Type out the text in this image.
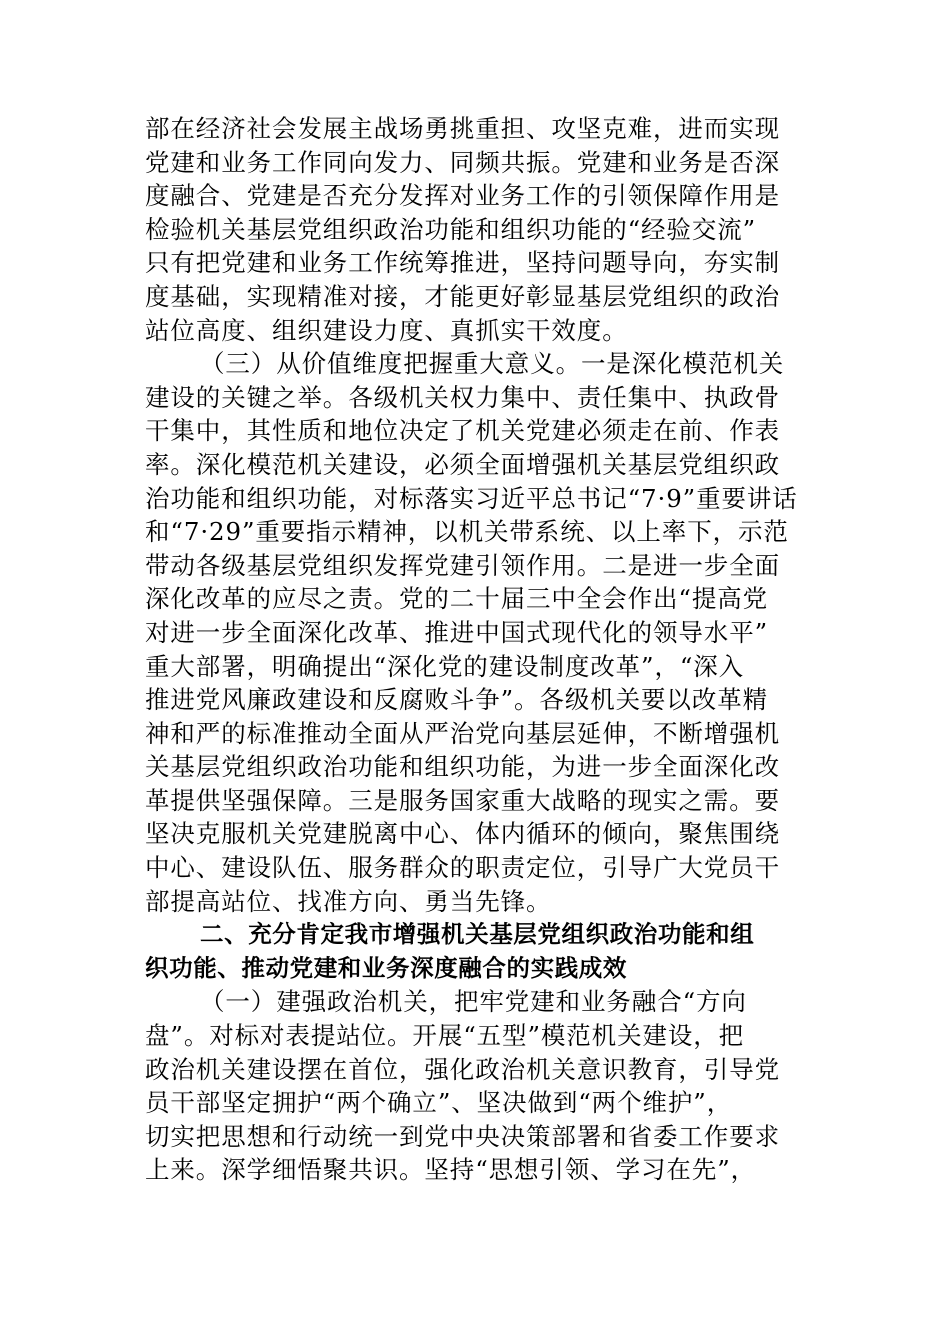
部在经济社会发展主战场勇挑重担、攻坚克难，进而实现
党建和业务工作同向发力、同频共振。党建和业务是否深
度融合、党建是否充分发挥对业务工作的引领保障作用是
检验机关基层党组织政治功能和组织功能的“经验交流”
只有把党建和业务工作统筹推进，坚持问题导向，夯实制
度基础，实现精准对接，才能更好彰显基层党组织的政治
站位高度、组织建设力度、真抓实干效度。
（三）从价值维度把握重大意义。一是深化模范机关
建设的关键之举。各级机关权力集中、责任集中、执政骨
干集中，其性质和地位决定了机关党建必须走在前、作表
率。深化模范机关建设，必须全面增强机关基层党组织政
治功能和组织功能，对标落实习近平总书记“7·9”重要讲话
和“7·29”重要指示精神，以机关带系统、以上率下，示范
带动各级基层党组织发挥党建引领作用。二是进一步全面
深化改革的应尽之责。党的二十届三中全会作出“提高党
对进一步全面深化改革、推进中国式现代化的领导水平”
重大部署，明确提出“深化党的建设制度改革”，“深入
推进党风廉政建设和反腐败斗争”。各级机关要以改革精
神和严的标准推动全面从严治党向基层延伸，不断增强机
关基层党组织政治功能和组织功能，为进一步全面深化改
革提供坚强保障。三是服务国家重大战略的现实之需。要
坚决克服机关党建脱离中心、体内循环的倾向，聚焦围绕
中心、建设队伍、服务群众的职责定位，引导广大党员干
部提高站位、找准方向、勇当先锋。
二、充分肯定我市增强机关基层党组织政治功能和组
织功能、推动党建和业务深度融合的实践成效
（一）建强政治机关，把牢党建和业务融合“方向
盘”。对标对表提站位。开展“五型”模范机关建设，把
政治机关建设摆在首位，强化政治机关意识教育，引导党
员干部坚定拥护“两个确立”、坚决做到“两个维护”，
切实把思想和行动统一到党中央决策部署和省委工作要求
上来。深学细悟聚共识。坚持“思想引领、学习在先”，
